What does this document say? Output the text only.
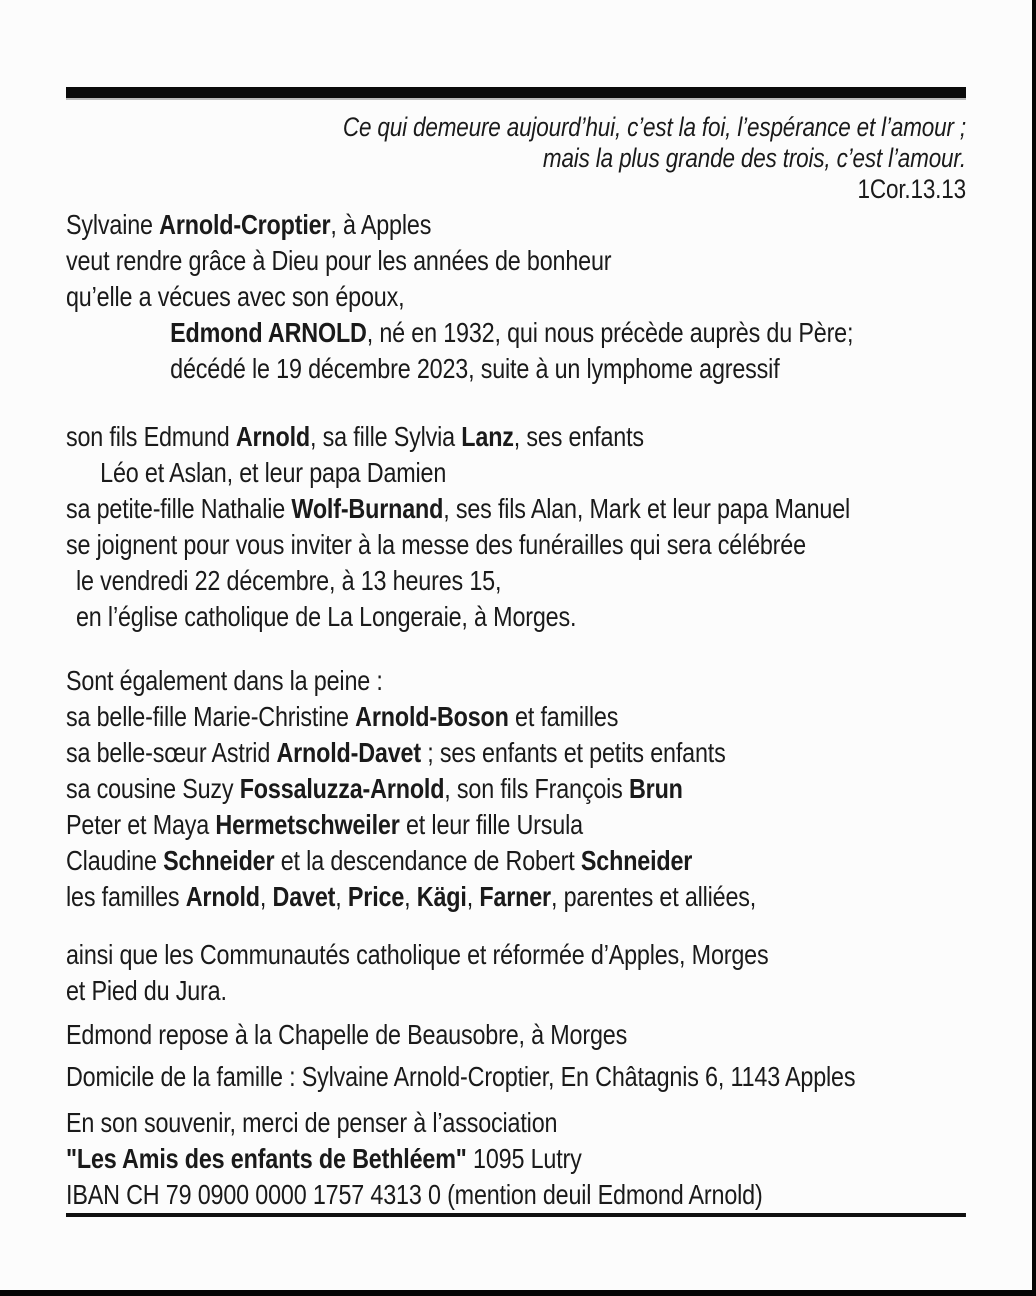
Ce qui demeure aujourd’hui, c’est la foi, l’espérance et l’amour ;
mais la plus grande des trois, c’est l’amour.
1Cor.13.13
Sylvaine Arnold-Croptier, à Apples
veut rendre grâce à Dieu pour les années de bonheur
qu’elle a vécues avec son époux,
Edmond ARNOLD, né en 1932, qui nous précède auprès du Père;
décédé le 19 décembre 2023, suite à un lymphome agressif
son fils Edmund Arnold, sa fille Sylvia Lanz, ses enfants
Léo et Aslan, et leur papa Damien
sa petite-fille Nathalie Wolf-Burnand, ses fils Alan, Mark et leur papa Manuel
se joignent pour vous inviter à la messe des funérailles qui sera célébrée
le vendredi 22 décembre, à 13 heures 15,
en l’église catholique de La Longeraie, à Morges.
Sont également dans la peine :
sa belle-fille Marie-Christine Arnold-Boson et familles
sa belle-sœur Astrid Arnold-Davet ; ses enfants et petits enfants
sa cousine Suzy Fossaluzza-Arnold, son fils François Brun
Peter et Maya Hermetschweiler et leur fille Ursula
Claudine Schneider et la descendance de Robert Schneider
les familles Arnold, Davet, Price, Kägi, Farner, parentes et alliées,
ainsi que les Communautés catholique et réformée d’Apples, Morges
et Pied du Jura.
Edmond repose à la Chapelle de Beausobre, à Morges
Domicile de la famille : Sylvaine Arnold-Croptier, En Châtagnis 6, 1143 Apples
En son souvenir, merci de penser à l’association
"Les Amis des enfants de Bethléem" 1095 Lutry
IBAN CH 79 0900 0000 1757 4313 0 (mention deuil Edmond Arnold)
